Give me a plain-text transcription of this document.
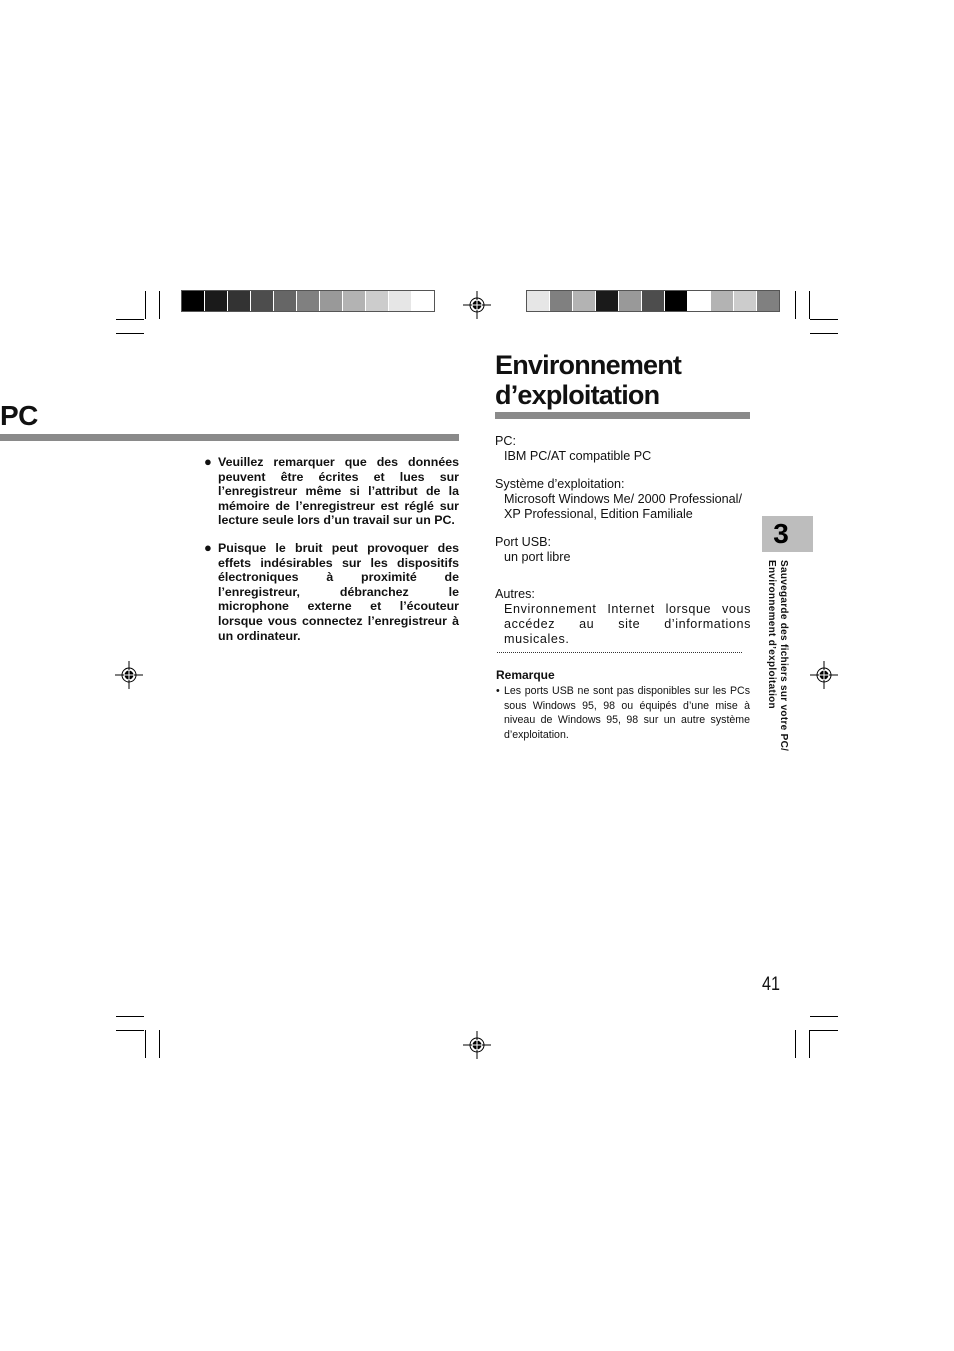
PC
● Veuillez remarquer que des données peuvent être écrites et lues sur l’enregistreur même si l’attribut de la mémoire de l’enregistreur est réglé sur lecture seule lors d’un travail sur un PC.
● Puisque le bruit peut provoquer des effets indésirables sur les dispositifs électroniques à proximité de l’enregistreur, débranchez le microphone externe et l’écouteur lorsque vous connectez l’enregistreur à un ordinateur.
Environnement
d’exploitation
PC:
IBM PC/AT compatible PC
Système d’exploitation:
Microsoft Windows Me/ 2000 Professional/
XP Professional, Edition Familiale
Port USB:
un port libre
Autres:
Environnement Internet lorsque vous accédez au site d’informations musicales.
Remarque
• Les ports USB ne sont pas disponibles sur les PCs sous Windows 95, 98 ou équipés d’une mise à niveau de Windows 95, 98 sur un autre système d’exploitation.
3
Sauvegarde des fichiers sur votre PC/
Environnement d’exploitation
41
